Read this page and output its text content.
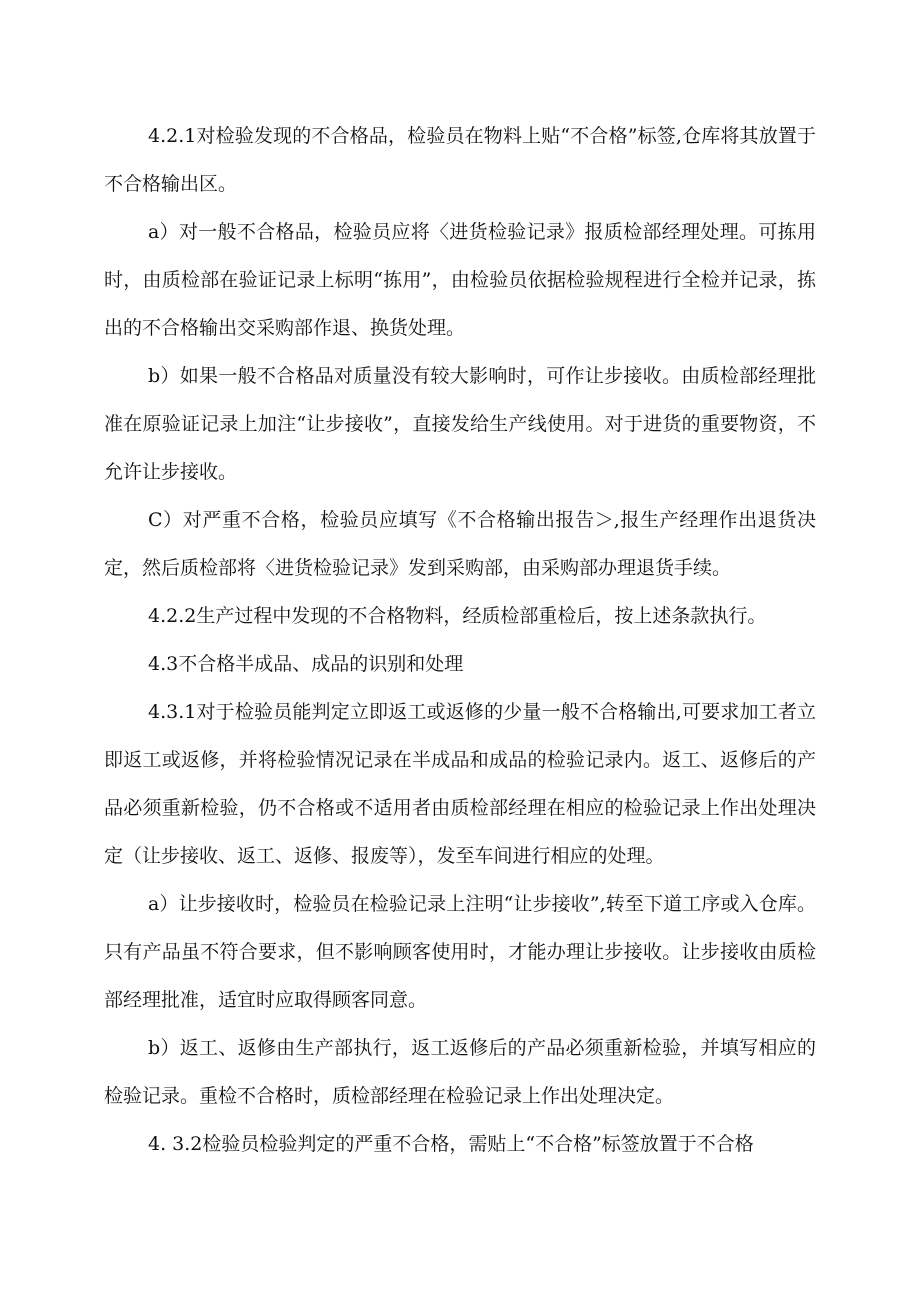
4.2.1对检验发现的不合格品，检验员在物料上贴“不合格”标签,仓库将其放置于不合格输出区。

a）对一般不合格品，检验员应将〈进货检验记录》报质检部经理处理。可拣用时，由质检部在验证记录上标明“拣用”，由检验员依据检验规程进行全检并记录，拣出的不合格输出交采购部作退、换货处理。

b）如果一般不合格品对质量没有较大影响时，可作让步接收。由质检部经理批准在原验证记录上加注“让步接收”，直接发给生产线使用。对于进货的重要物资，不允许让步接收。

C）对严重不合格，检验员应填写《不合格输出报告＞,报生产经理作出退货决定，然后质检部将〈进货检验记录》发到采购部，由采购部办理退货手续。

4.2.2生产过程中发现的不合格物料，经质检部重检后，按上述条款执行。

4.3不合格半成品、成品的识别和处理

4.3.1对于检验员能判定立即返工或返修的少量一般不合格输出,可要求加工者立即返工或返修，并将检验情况记录在半成品和成品的检验记录内。返工、返修后的产品必须重新检验，仍不合格或不适用者由质检部经理在相应的检验记录上作出处理决定（让步接收、返工、返修、报废等），发至车间进行相应的处理。

a）让步接收时，检验员在检验记录上注明“让步接收”,转至下道工序或入仓库。只有产品虽不符合要求，但不影响顾客使用时，才能办理让步接收。让步接收由质检部经理批准，适宜时应取得顾客同意。

b）返工、返修由生产部执行，返工返修后的产品必须重新检验，并填写相应的检验记录。重检不合格时，质检部经理在检验记录上作出处理决定。

4. 3.2检验员检验判定的严重不合格，需贴上“不合格”标签放置于不合格
